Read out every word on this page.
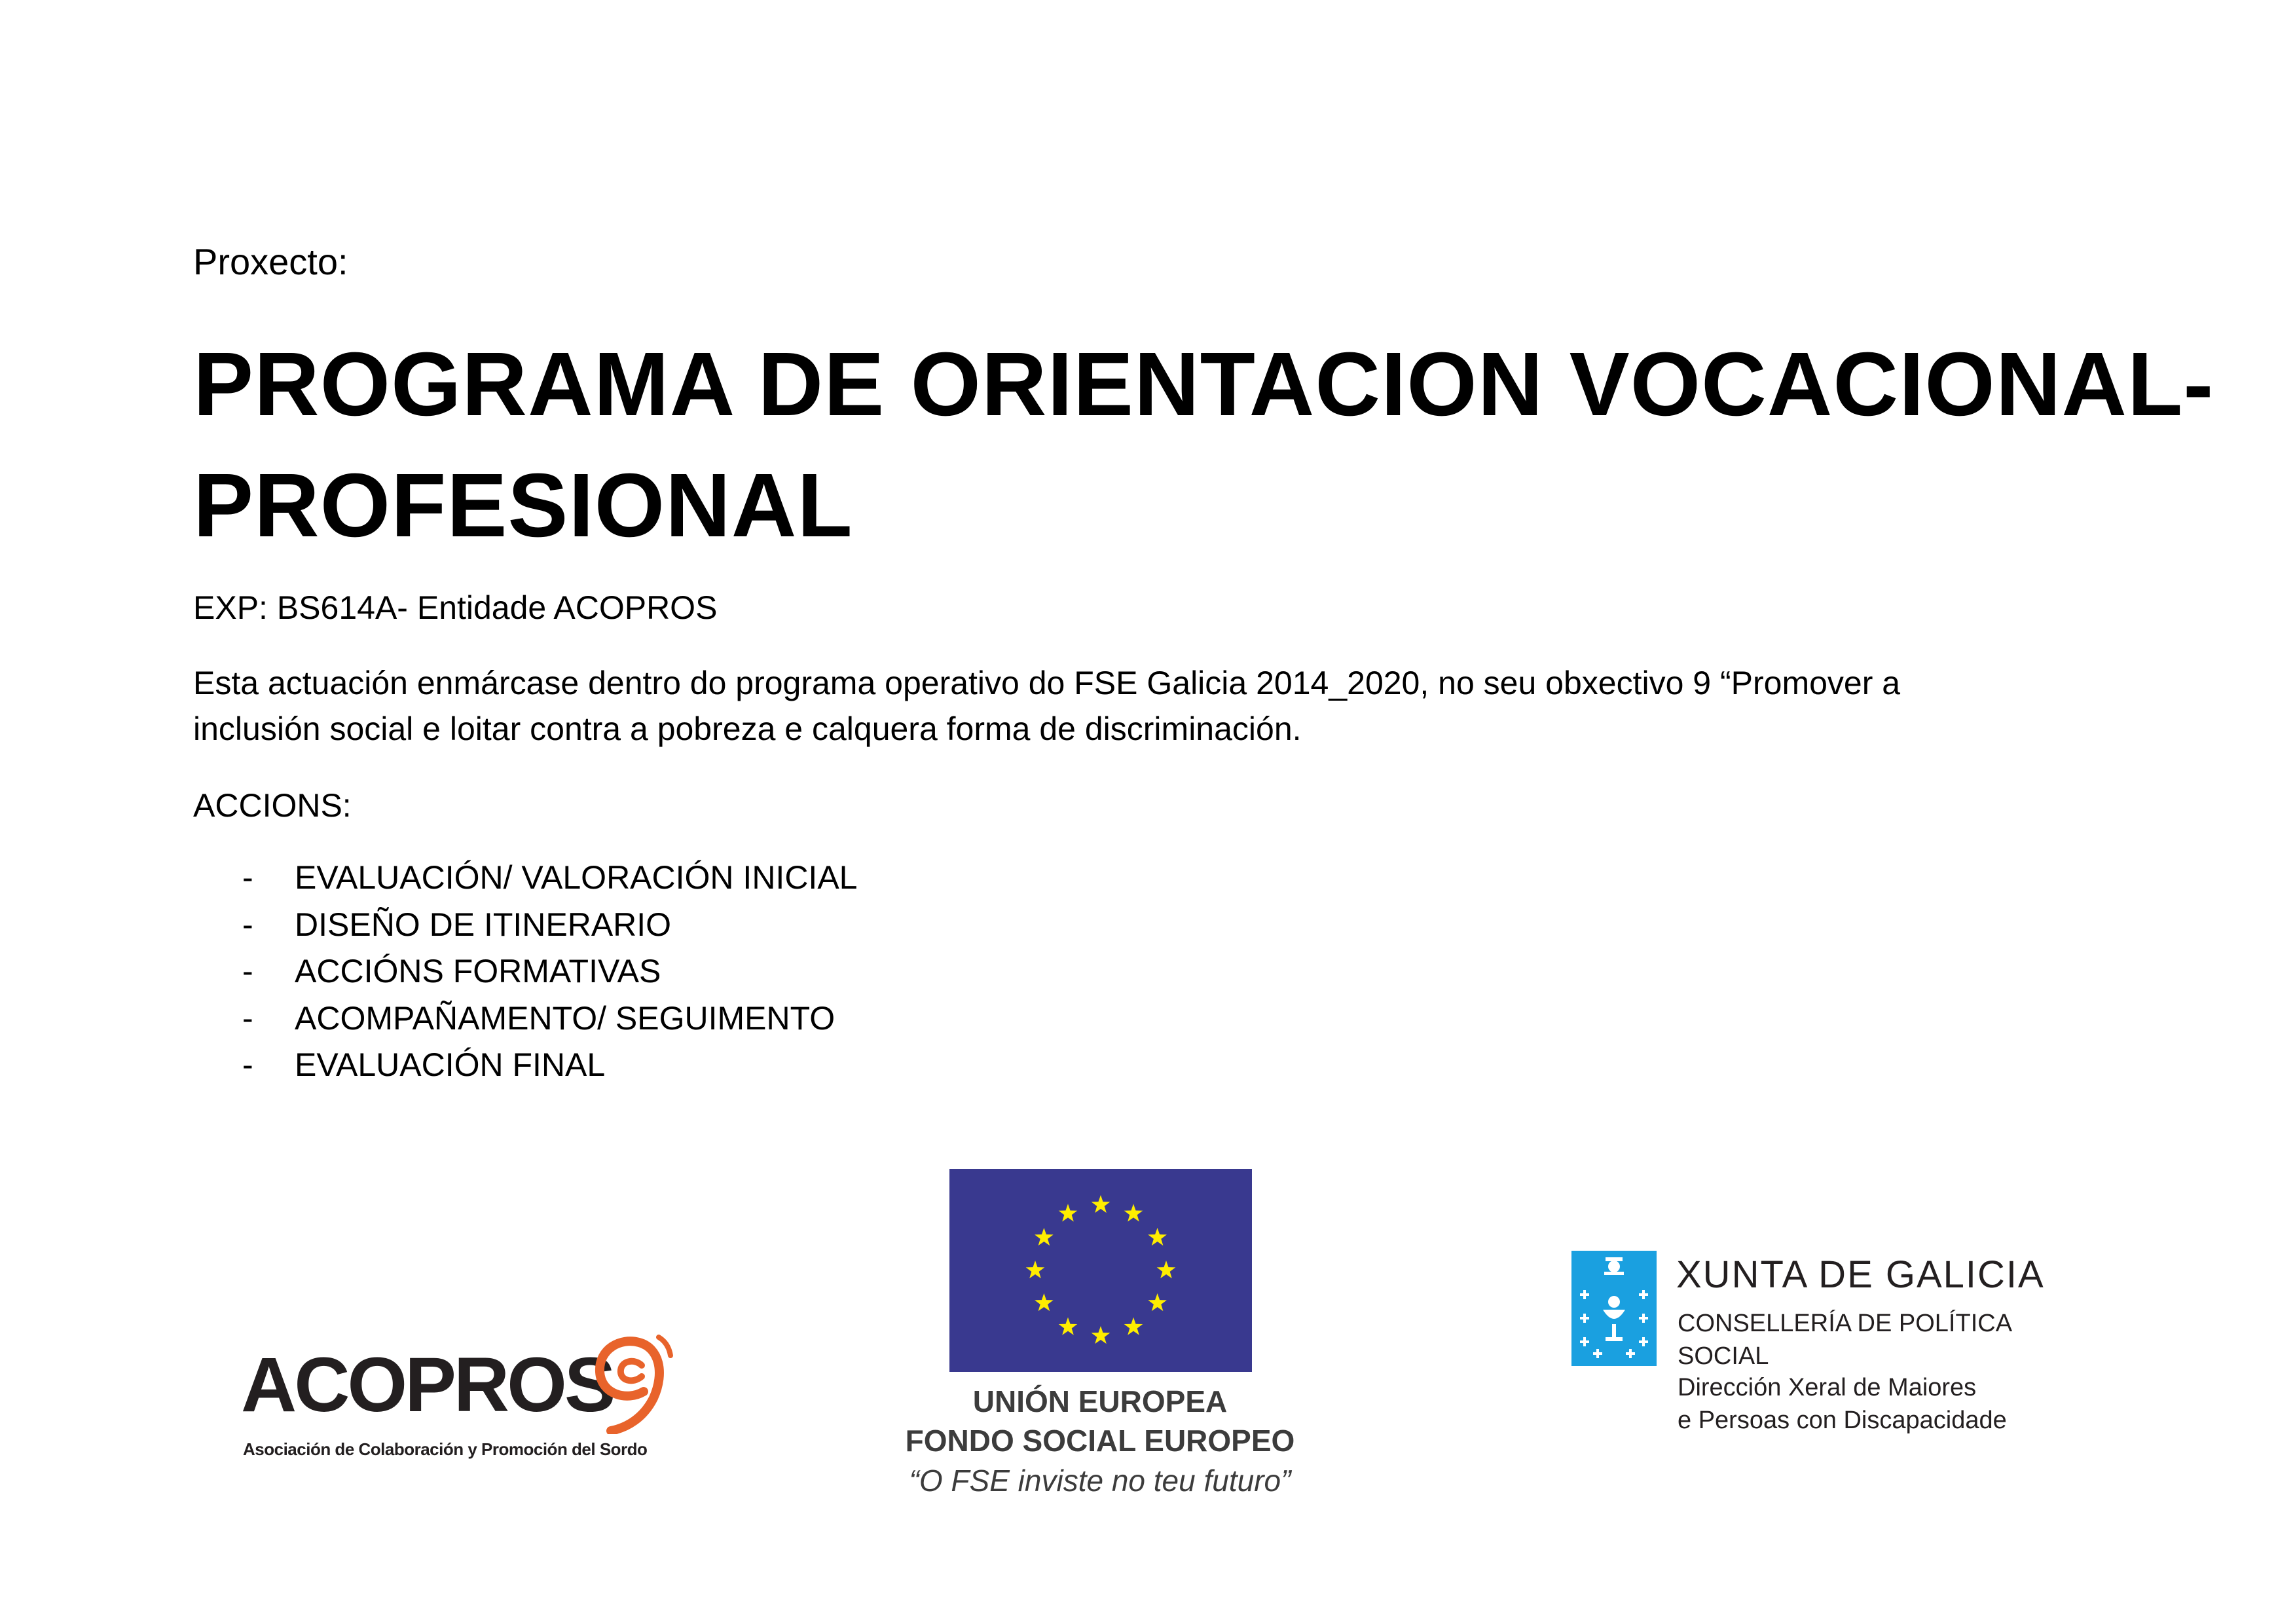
Proxecto:
PROGRAMA DE ORIENTACION VOCACIONAL-
PROFESIONAL
EXP: BS614A- Entidade ACOPROS
Esta actuación enmárcase dentro do programa operativo do FSE Galicia 2014_2020, no seu obxectivo 9 “Promover a
inclusión social e loitar contra a pobreza e calquera forma de discriminación.
ACCIONS:
- EVALUACIÓN/ VALORACIÓN INICIAL
- DISEÑO DE ITINERARIO
- ACCIÓNS FORMATIVAS
- ACOMPAÑAMENTO/ SEGUIMENTO
- EVALUACIÓN FINAL
ACOPROS
Asociación de Colaboración y Promoción del Sordo
UNIÓN EUROPEA
FONDO SOCIAL EUROPEO
“O FSE inviste no teu futuro”
XUNTA DE GALICIA
CONSELLERÍA DE POLÍTICA
SOCIAL
Dirección Xeral de Maiores
e Persoas con Discapacidade
